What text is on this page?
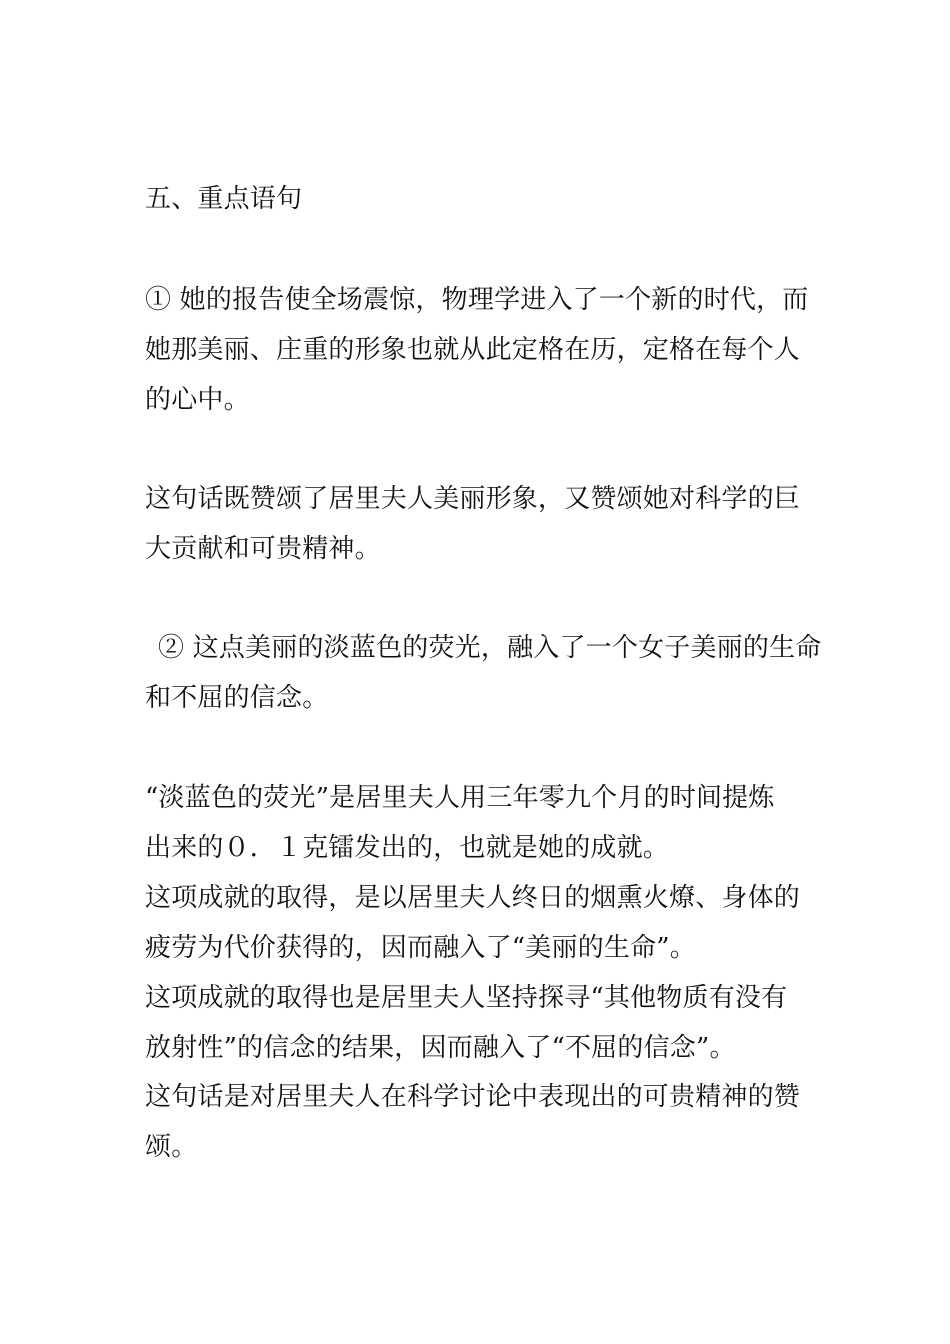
五、重点语句
① 她的报告使全场震惊，物理学进入了一个新的时代，而
她那美丽、庄重的形象也就从此定格在历，定格在每个人
的心中。
这句话既赞颂了居里夫人美丽形象，又赞颂她对科学的巨
大贡献和可贵精神。
② 这点美丽的淡蓝色的荧光，融入了一个女子美丽的生命
和不屈的信念。
“淡蓝色的荧光”是居里夫人用三年零九个月的时间提炼
出来的０．１克镭发出的，也就是她的成就。
这项成就的取得，是以居里夫人终日的烟熏火燎、身体的
疲劳为代价获得的，因而融入了“美丽的生命”。
这项成就的取得也是居里夫人坚持探寻“其他物质有没有
放射性”的信念的结果，因而融入了“不屈的信念”。
这句话是对居里夫人在科学讨论中表现出的可贵精神的赞
颂。
